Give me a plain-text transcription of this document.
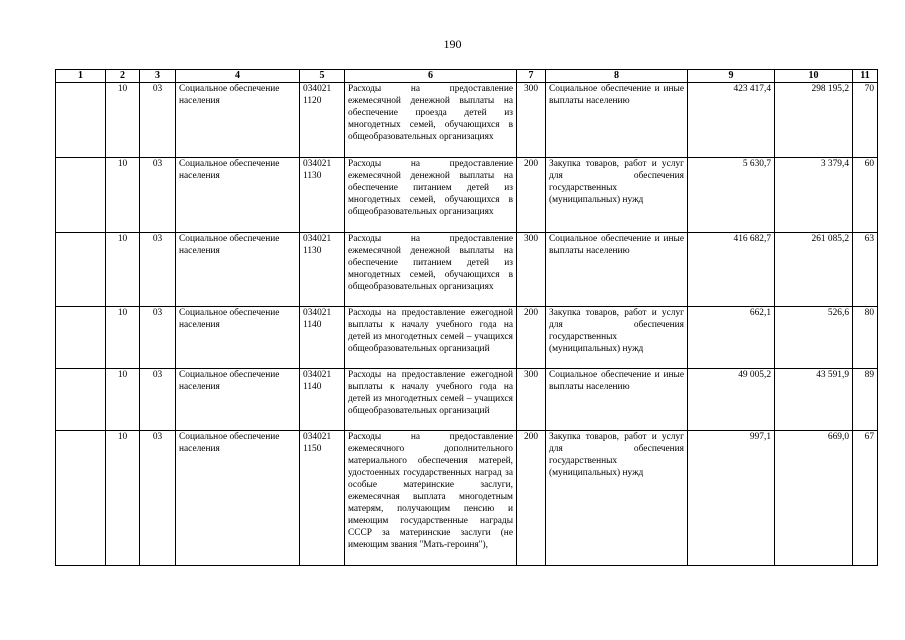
190
1	2	3	4	5	6	7	8	9	10	11
	10	03	Социальное обеспечение населения	034021 1120	Расходы на предоставление ежемесячной денежной выплаты на обеспечение проезда детей из многодетных семей, обучающихся в общеобразовательных организациях	300	Социальное обеспечение и иные выплаты населению	423 417,4	298 195,2	70
	10	03	Социальное обеспечение населения	034021 1130	Расходы на предоставление ежемесячной денежной выплаты на обеспечение питанием детей из многодетных семей, обучающихся в общеобразовательных организациях	200	Закупка товаров, работ и услуг для обеспечения государственных (муниципальных) нужд	5 630,7	3 379,4	60
	10	03	Социальное обеспечение населения	034021 1130	Расходы на предоставление ежемесячной денежной выплаты на обеспечение питанием детей из многодетных семей, обучающихся в общеобразовательных организациях	300	Социальное обеспечение и иные выплаты населению	416 682,7	261 085,2	63
	10	03	Социальное обеспечение населения	034021 1140	Расходы на предоставление ежегодной выплаты к началу учебного года на детей из многодетных семей – учащихся общеобразовательных организаций	200	Закупка товаров, работ и услуг для обеспечения государственных (муниципальных) нужд	662,1	526,6	80
	10	03	Социальное обеспечение населения	034021 1140	Расходы на предоставление ежегодной выплаты к началу учебного года на детей из многодетных семей – учащихся общеобразовательных организаций	300	Социальное обеспечение и иные выплаты населению	49 005,2	43 591,9	89
	10	03	Социальное обеспечение населения	034021 1150	Расходы на предоставление ежемесячного дополнительного материального обеспечения матерей, удостоенных государственных наград за особые материнские заслуги, ежемесячная выплата многодетным матерям, получающим пенсию и имеющим государственные награды СССР за материнские заслуги (не имеющим звания "Мать-героиня"),	200	Закупка товаров, работ и услуг для обеспечения государственных (муниципальных) нужд	997,1	669,0	67
